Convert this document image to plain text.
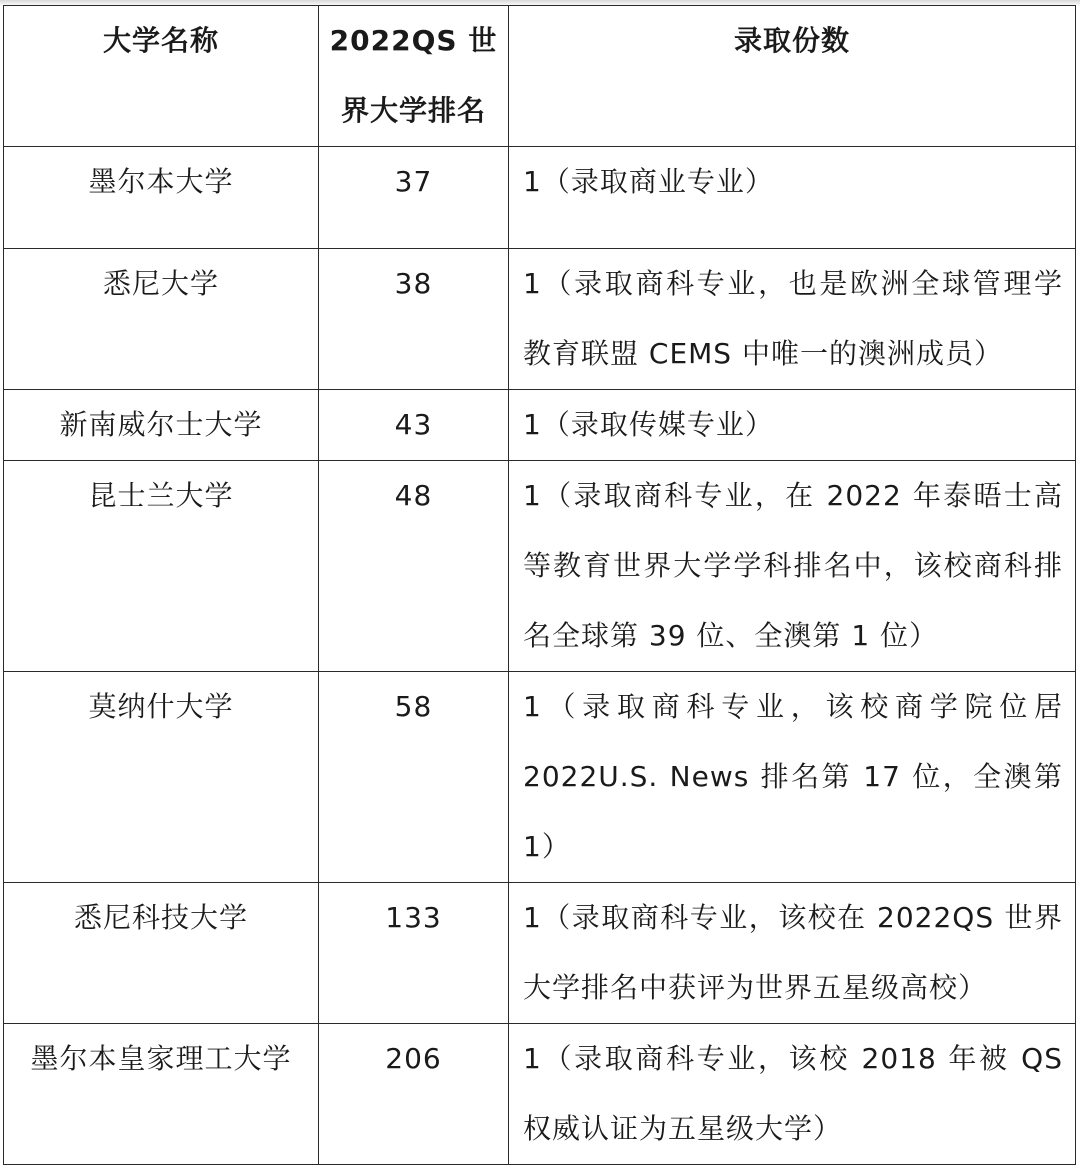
大学名称	2022QS 世界大学排名	录取份数
墨尔本大学	37	1（录取商业专业）
悉尼大学	38	1（录取商科专业，也是欧洲全球管理学教育联盟 CEMS 中唯一的澳洲成员）
新南威尔士大学	43	1（录取传媒专业）
昆士兰大学	48	1（录取商科专业，在 2022 年泰晤士高等教育世界大学学科排名中，该校商科排名全球第 39 位、全澳第 1 位）
莫纳什大学	58	1（录取商科专业，该校商学院位居 2022U.S. News 排名第 17 位，全澳第 1）
悉尼科技大学	133	1（录取商科专业，该校在 2022QS 世界大学排名中获评为世界五星级高校）
墨尔本皇家理工大学	206	1（录取商科专业，该校 2018 年被 QS 权威认证为五星级大学）
